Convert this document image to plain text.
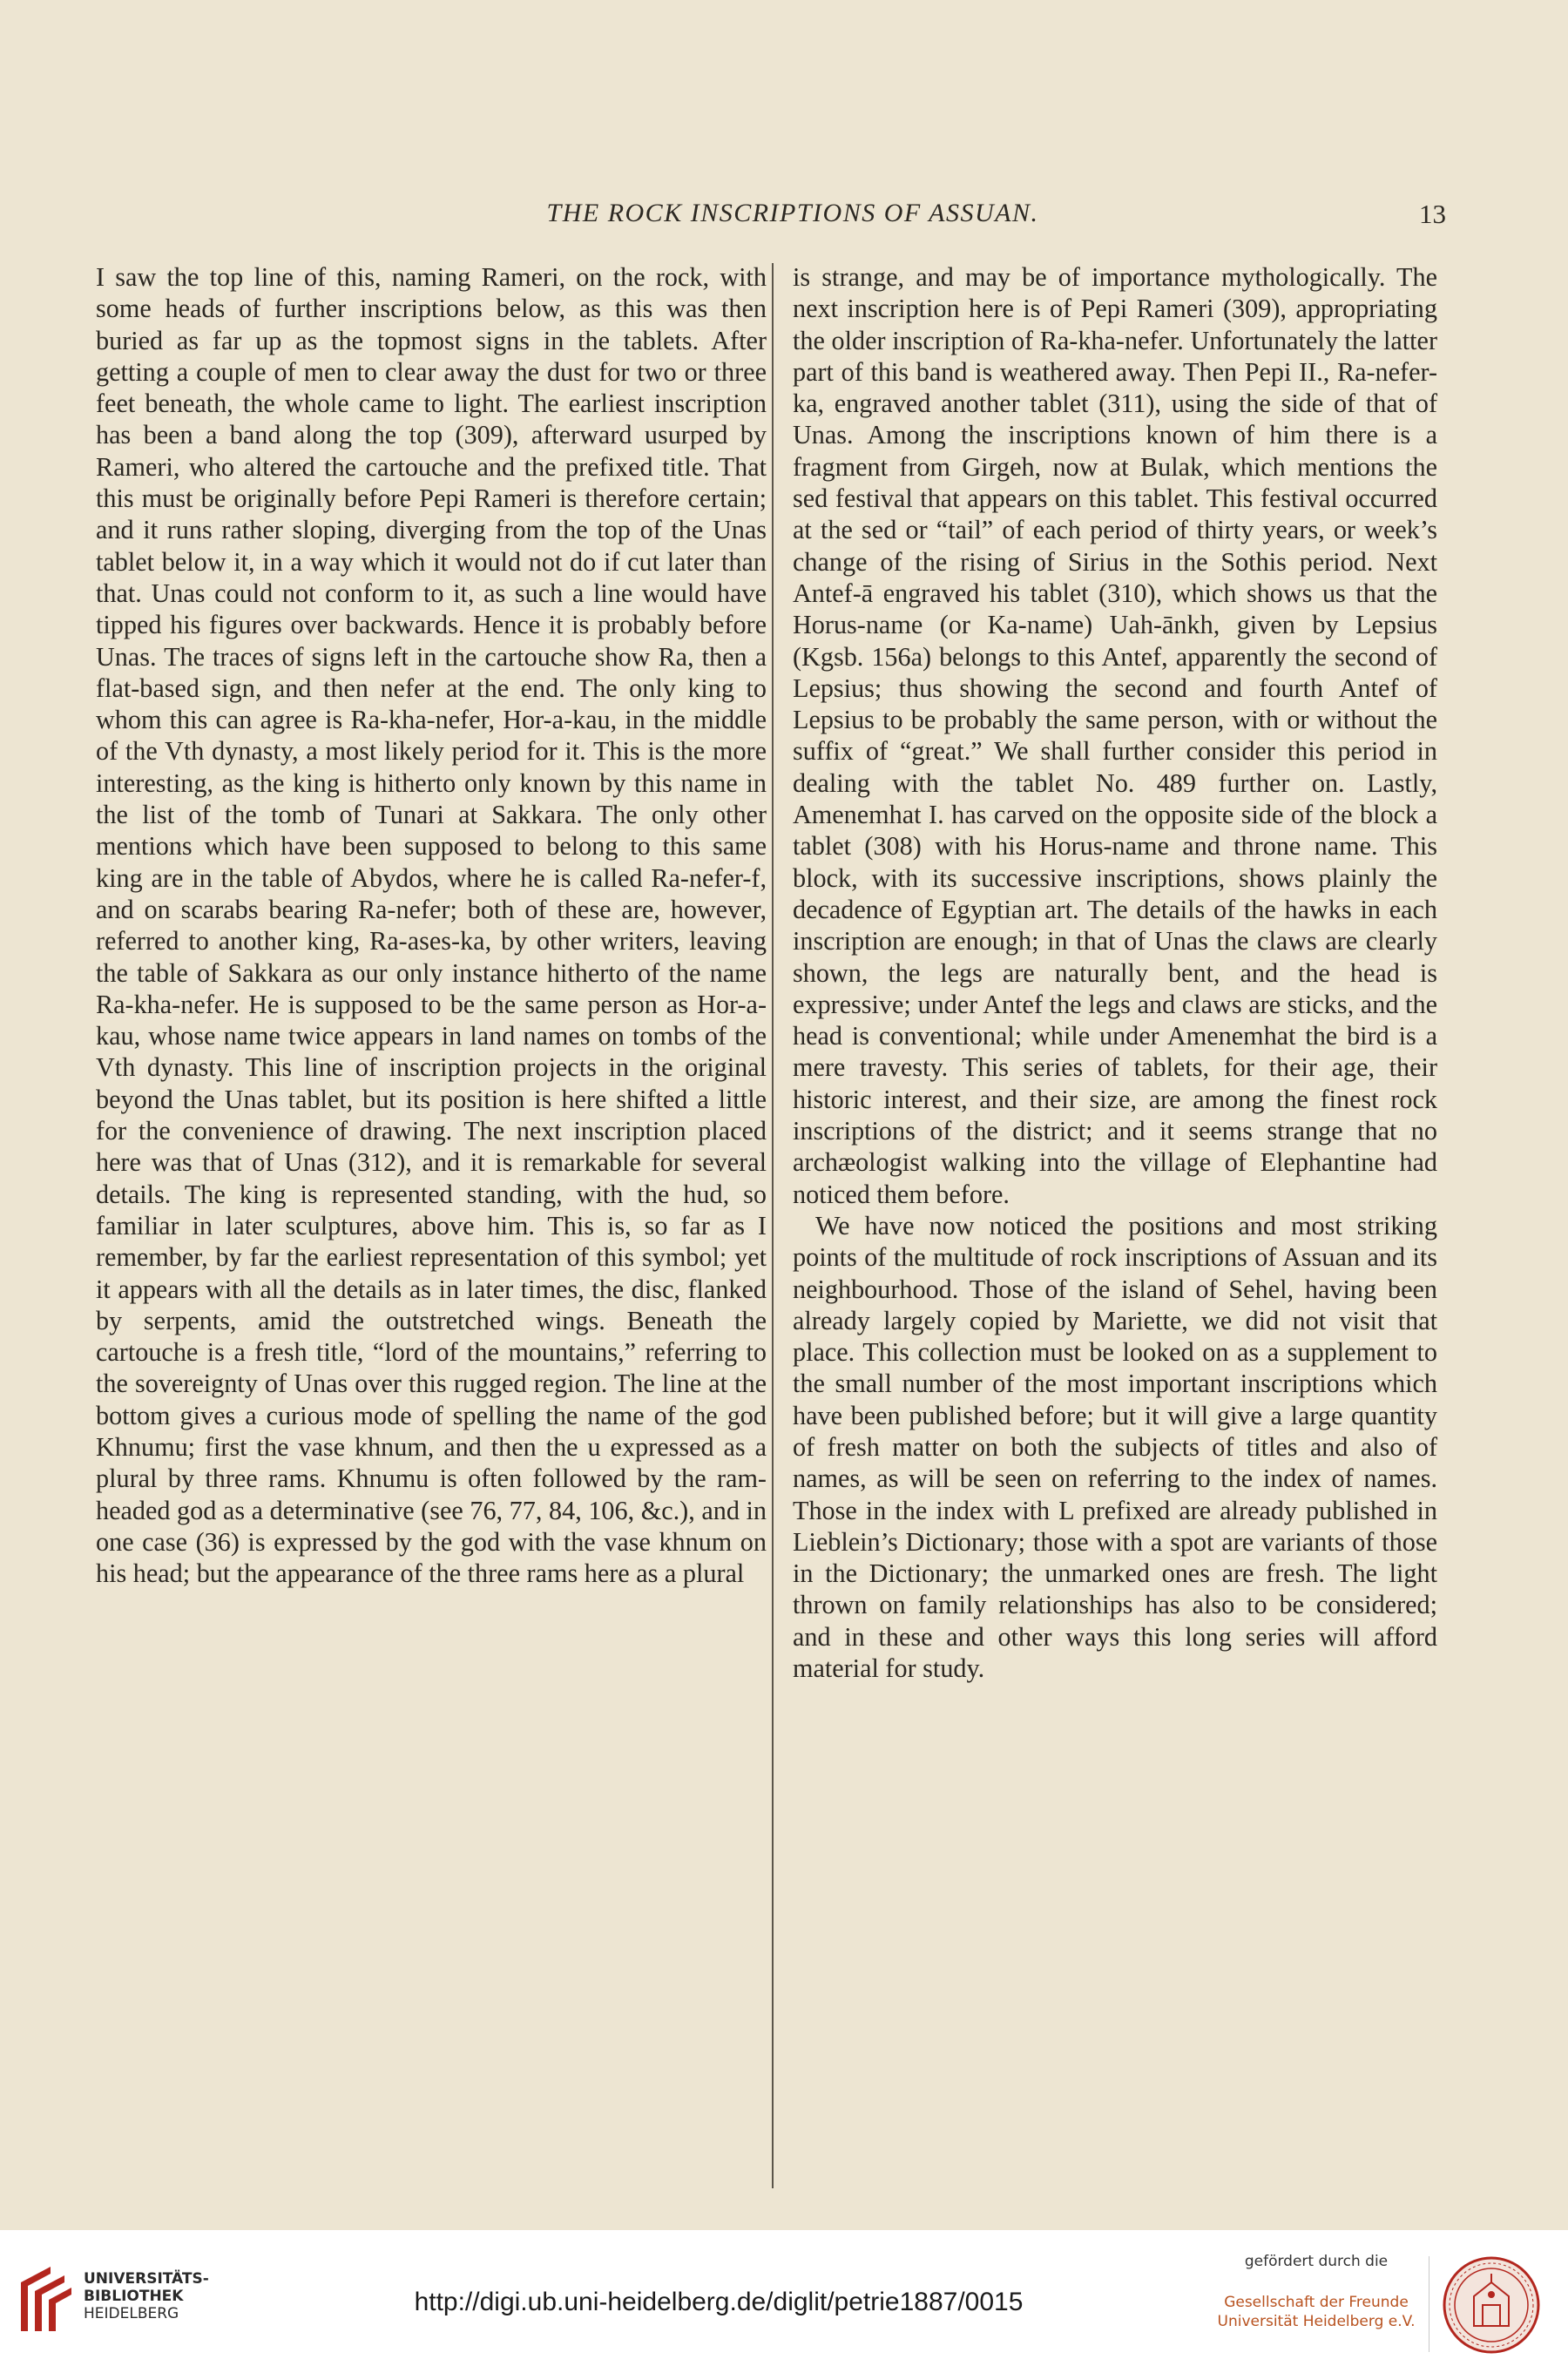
THE ROCK INSCRIPTIONS OF ASSUAN.	13

I saw the top line of this, naming Rameri, on the rock, with some heads of further inscriptions below, as this was then buried as far up as the topmost signs in the tablets. After getting a couple of men to clear away the dust for two or three feet beneath, the whole came to light. The earliest inscription has been a band along the top (309), afterward usurped by Rameri, who altered the cartouche and the prefixed title. That this must be originally before Pepi Rameri is therefore certain; and it runs rather sloping, diverging from the top of the Unas tablet below it, in a way which it would not do if cut later than that. Unas could not conform to it, as such a line would have tipped his figures over backwards. Hence it is probably before Unas. The traces of signs left in the cartouche show Ra, then a flat-based sign, and then nefer at the end. The only king to whom this can agree is Ra-kha-nefer, Hor-a-kau, in the middle of the Vth dynasty, a most likely period for it. This is the more interesting, as the king is hitherto only known by this name in the list of the tomb of Tunari at Sakkara. The only other mentions which have been supposed to belong to this same king are in the table of Abydos, where he is called Ra-nefer-f, and on scarabs bearing Ra-nefer; both of these are, however, referred to another king, Ra-ases-ka, by other writers, leaving the table of Sakkara as our only instance hitherto of the name Ra-kha-nefer. He is supposed to be the same person as Hor-a-kau, whose name twice appears in land names on tombs of the Vth dynasty. This line of inscription projects in the original beyond the Unas tablet, but its position is here shifted a little for the convenience of drawing. The next inscription placed here was that of Unas (312), and it is remarkable for several details. The king is represented standing, with the hud, so familiar in later sculptures, above him. This is, so far as I remember, by far the earliest representation of this symbol; yet it appears with all the details as in later times, the disc, flanked by serpents, amid the outstretched wings. Beneath the cartouche is a fresh title, “lord of the mountains,” referring to the sovereignty of Unas over this rugged region. The line at the bottom gives a curious mode of spelling the name of the god Khnumu; first the vase khnum, and then the u expressed as a plural by three rams. Khnumu is often followed by the ram-headed god as a determinative (see 76, 77, 84, 106, &c.), and in one case (36) is expressed by the god with the vase khnum on his head; but the appearance of the three rams here as a plural

is strange, and may be of importance mythologically. The next inscription here is of Pepi Rameri (309), appropriating the older inscription of Ra-kha-nefer. Unfortunately the latter part of this band is weathered away. Then Pepi II., Ra-nefer-ka, engraved another tablet (311), using the side of that of Unas. Among the inscriptions known of him there is a fragment from Girgeh, now at Bulak, which mentions the sed festival that appears on this tablet. This festival occurred at the sed or “tail” of each period of thirty years, or week’s change of the rising of Sirius in the Sothis period. Next Antef-ā engraved his tablet (310), which shows us that the Horus-name (or Ka-name) Uah-ānkh, given by Lepsius (Kgsb. 156a) belongs to this Antef, apparently the second of Lepsius; thus showing the second and fourth Antef of Lepsius to be probably the same person, with or without the suffix of “great.” We shall further consider this period in dealing with the tablet No. 489 further on. Lastly, Amenemhat I. has carved on the opposite side of the block a tablet (308) with his Horus-name and throne name. This block, with its successive inscriptions, shows plainly the decadence of Egyptian art. The details of the hawks in each inscription are enough; in that of Unas the claws are clearly shown, the legs are naturally bent, and the head is expressive; under Antef the legs and claws are sticks, and the head is conventional; while under Amenemhat the bird is a mere travesty. This series of tablets, for their age, their historic interest, and their size, are among the finest rock inscriptions of the district; and it seems strange that no archæologist walking into the village of Elephantine had noticed them before.

We have now noticed the positions and most striking points of the multitude of rock inscriptions of Assuan and its neighbourhood. Those of the island of Sehel, having been already largely copied by Mariette, we did not visit that place. This collection must be looked on as a supplement to the small number of the most important inscriptions which have been published before; but it will give a large quantity of fresh matter on both the subjects of titles and also of names, as will be seen on referring to the index of names. Those in the index with L prefixed are already published in Lieblein’s Dictionary; those with a spot are variants of those in the Dictionary; the unmarked ones are fresh. The light thrown on family relationships has also to be considered; and in these and other ways this long series will afford material for study.

UNIVERSITÄTS-
BIBLIOTHEK
HEIDELBERG	http://digi.ub.uni-heidelberg.de/diglit/petrie1887/0015
gefördert durch die
Gesellschaft der Freunde
Universität Heidelberg e.V.
